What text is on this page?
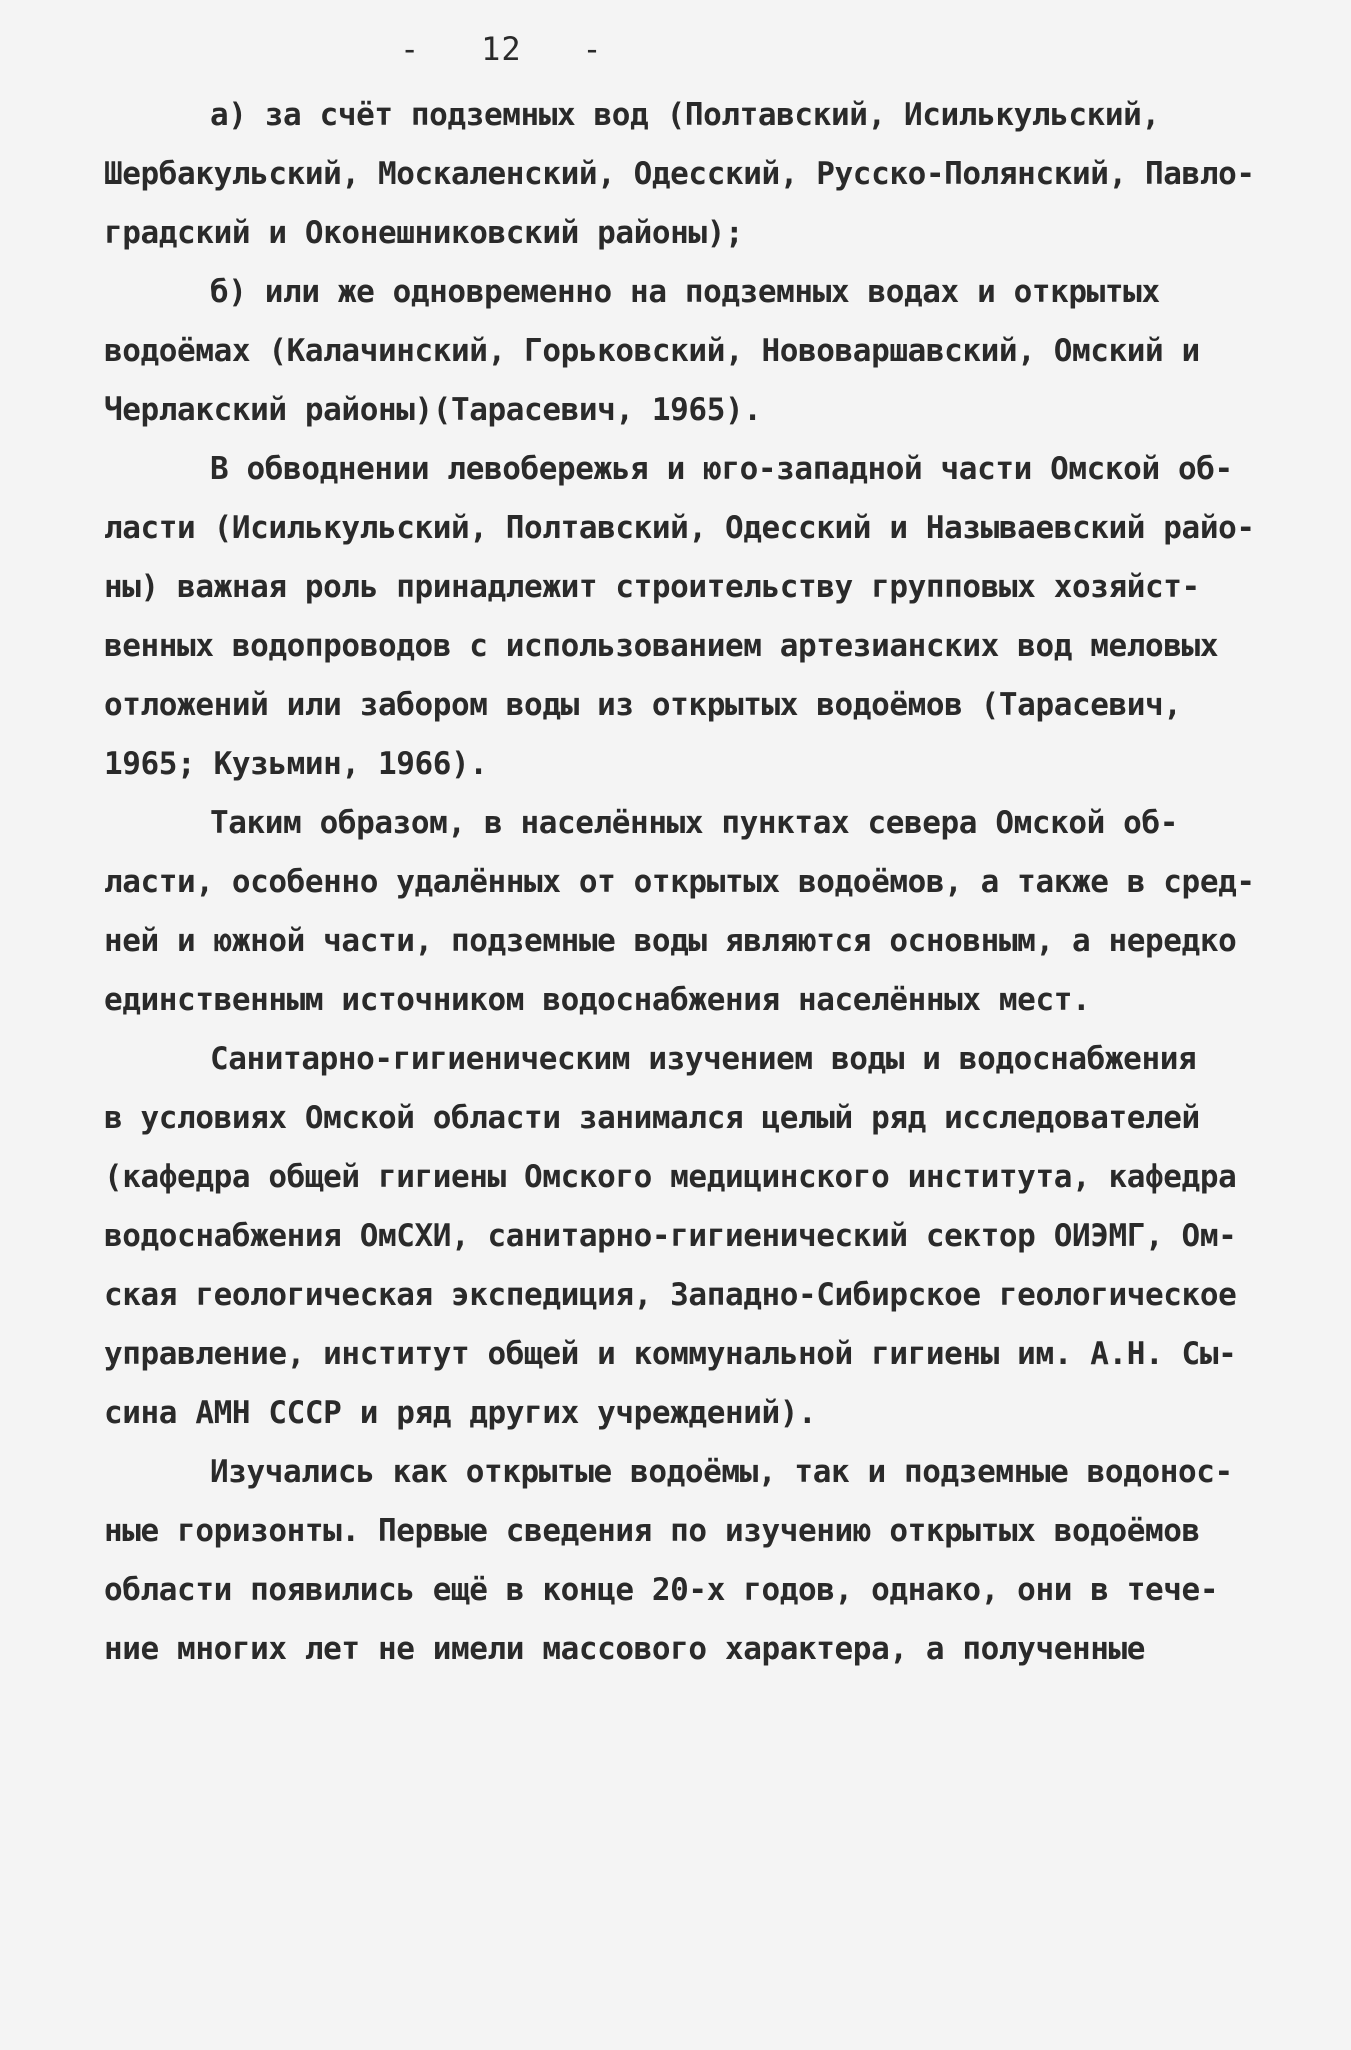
-   12   -
а) за счёт подземных вод (Полтавский, Исилькульский,
Шербакульский, Москаленский, Одесский, Русско-Полянский, Павло-
градский и Оконешниковский районы);
б) или же одновременно на подземных водах и открытых
водоёмах (Калачинский, Горьковский, Нововаршавский, Омский и
Черлакский районы)(Тарасевич, 1965).
В обводнении левобережья и юго-западной части Омской об-
ласти (Исилькульский, Полтавский, Одесский и Называевский райо-
ны) важная роль принадлежит строительству групповых хозяйст-
венных водопроводов с использованием артезианских вод меловых
отложений или забором воды из открытых водоёмов (Тарасевич,
1965; Кузьмин, 1966).
Таким образом, в населённых пунктах севера Омской об-
ласти, особенно удалённых от открытых водоёмов, а также в сред-
ней и южной части, подземные воды являются основным, а нередко
единственным источником водоснабжения населённых мест.
Санитарно-гигиеническим изучением воды и водоснабжения
в условиях Омской области занимался целый ряд исследователей
(кафедра общей гигиены Омского медицинского института, кафедра
водоснабжения ОмСХИ, санитарно-гигиенический сектор ОИЭМГ, Ом-
ская геологическая экспедиция, Западно-Сибирское геологическое
управление, институт общей и коммунальной гигиены им. А.Н. Сы-
сина АМН СССР и ряд других учреждений).
Изучались как открытые водоёмы, так и подземные водонос-
ные горизонты. Первые сведения по изучению открытых водоёмов
области появились ещё в конце 20-х годов, однако, они в тече-
ние многих лет не имели массового характера, а полученные
